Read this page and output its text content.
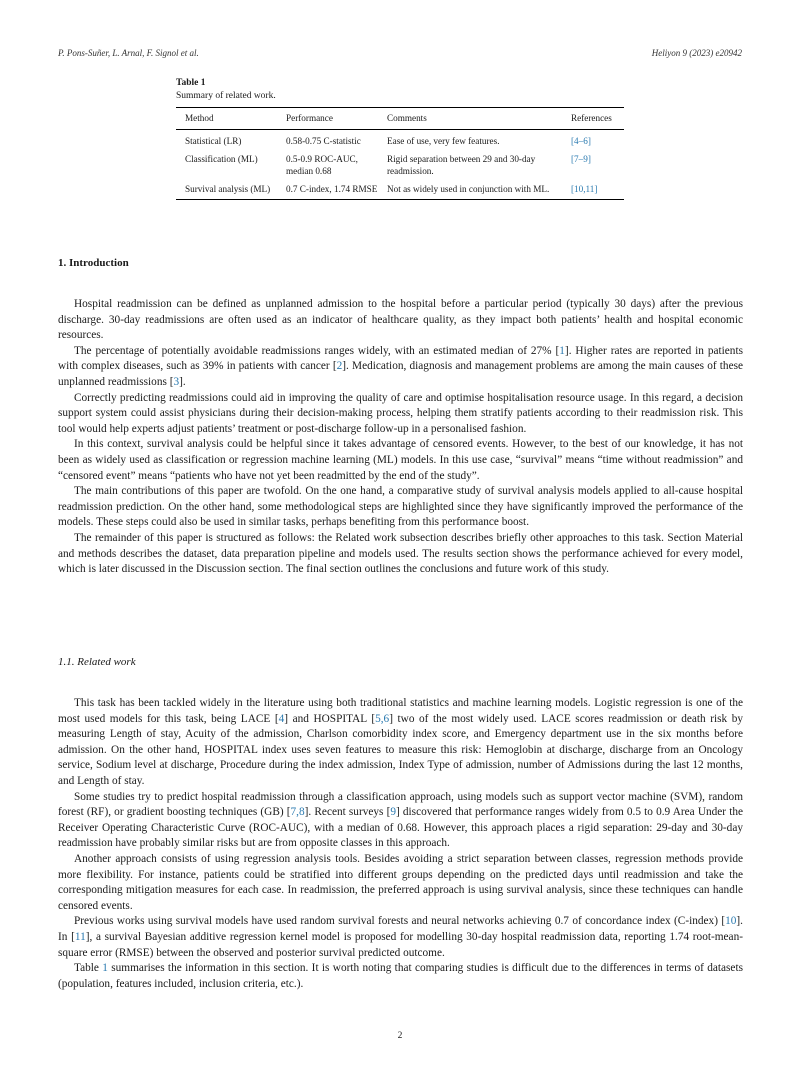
P. Pons-Suñer, L. Arnal, F. Signol et al.	Heliyon 9 (2023) e20942
Table 1
Summary of related work.
Method	Performance	Comments	References
Statistical (LR)	0.58-0.75 C-statistic	Ease of use, very few features.	[4–6]
Classification (ML)	0.5-0.9 ROC-AUC, median 0.68	Rigid separation between 29 and 30-day readmission.	[7–9]
Survival analysis (ML)	0.7 C-index, 1.74 RMSE	Not as widely used in conjunction with ML.	[10,11]
1. Introduction

Hospital readmission can be defined as unplanned admission to the hospital before a particular period (typically 30 days) after the previous discharge. 30-day readmissions are often used as an indicator of healthcare quality, as they impact both patients’ health and hospital economic resources.

The percentage of potentially avoidable readmissions ranges widely, with an estimated median of 27% [1]. Higher rates are reported in patients with complex diseases, such as 39% in patients with cancer [2]. Medication, diagnosis and management problems are among the main causes of these unplanned readmissions [3].

Correctly predicting readmissions could aid in improving the quality of care and optimise hospitalisation resource usage. In this regard, a decision support system could assist physicians during their decision-making process, helping them stratify patients according to their readmission risk. This tool would help experts adjust patients’ treatment or post-discharge follow-up in a personalised fashion.

In this context, survival analysis could be helpful since it takes advantage of censored events. However, to the best of our knowledge, it has not been as widely used as classification or regression machine learning (ML) models. In this use case, “survival” means “time without readmission” and “censored event” means “patients who have not yet been readmitted by the end of the study”.

The main contributions of this paper are twofold. On the one hand, a comparative study of survival analysis models applied to all-cause hospital readmission prediction. On the other hand, some methodological steps are highlighted since they have significantly improved the performance of the models. These steps could also be used in similar tasks, perhaps benefiting from this performance boost.

The remainder of this paper is structured as follows: the Related work subsection describes briefly other approaches to this task. Section Material and methods describes the dataset, data preparation pipeline and models used. The results section shows the performance achieved for every model, which is later discussed in the Discussion section. The final section outlines the conclusions and future work of this study.

1.1. Related work

This task has been tackled widely in the literature using both traditional statistics and machine learning models. Logistic regression is one of the most used models for this task, being LACE [4] and HOSPITAL [5,6] two of the most widely used. LACE scores readmission or death risk by measuring Length of stay, Acuity of the admission, Charlson comorbidity index score, and Emergency department use in the six months before admission. On the other hand, HOSPITAL index uses seven features to measure this risk: Hemoglobin at discharge, discharge from an Oncology service, Sodium level at discharge, Procedure during the index admission, Index Type of admission, number of Admissions during the last 12 months, and Length of stay.

Some studies try to predict hospital readmission through a classification approach, using models such as support vector machine (SVM), random forest (RF), or gradient boosting techniques (GB) [7,8]. Recent surveys [9] discovered that performance ranges widely from 0.5 to 0.9 Area Under the Receiver Operating Characteristic Curve (ROC-AUC), with a median of 0.68. However, this approach places a rigid separation: 29-day and 30-day readmission have probably similar risks but are from opposite classes in this approach.

Another approach consists of using regression analysis tools. Besides avoiding a strict separation between classes, regression methods provide more flexibility. For instance, patients could be stratified into different groups depending on the predicted days until readmission and take the corresponding mitigation measures for each case. In readmission, the preferred approach is using survival analysis, since these techniques can handle censored events.

Previous works using survival models have used random survival forests and neural networks achieving 0.7 of concordance index (C-index) [10]. In [11], a survival Bayesian additive regression kernel model is proposed for modelling 30-day hospital readmission data, reporting 1.74 root-mean-square error (RMSE) between the observed and posterior survival predicted outcome.

Table 1 summarises the information in this section. It is worth noting that comparing studies is difficult due to the differences in terms of datasets (population, features included, inclusion criteria, etc.).

2
